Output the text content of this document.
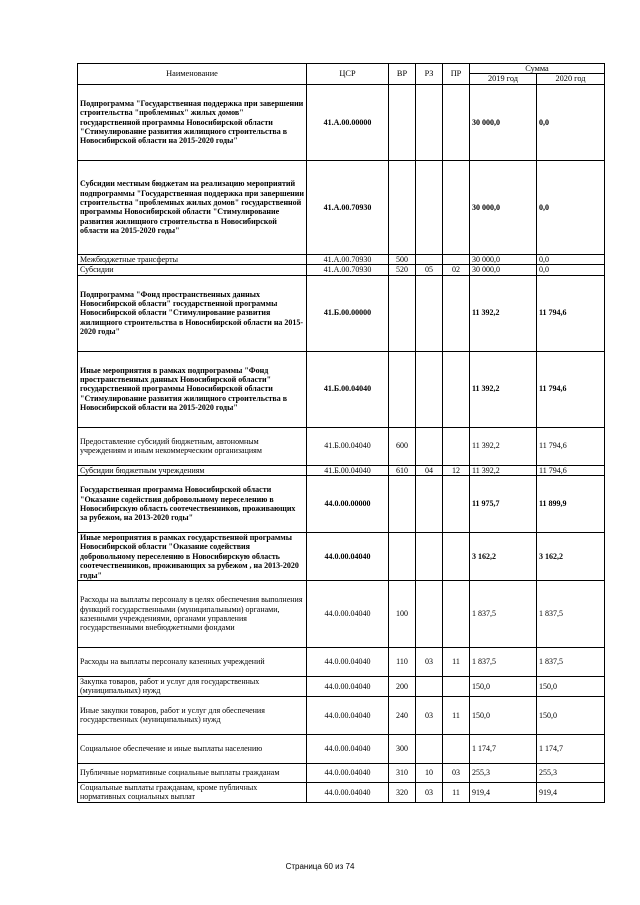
Наименование	ЦСР	ВР	РЗ	ПР	Сумма	
					2019 год	2020 год
Подпрограмма "Государственная поддержка при завершении строительства "проблемных" жилых домов" государственной программы Новосибирской области "Стимулирование развития жилищного строительства в Новосибирской области на 2015-2020 годы"	41.А.00.00000				30 000,0	0,0
Субсидии местным бюджетам на реализацию мероприятий подпрограммы "Государственная поддержка при завершении строительства "проблемных жилых домов" государственной программы Новосибирской области "Стимулирование развития жилищного строительства в Новосибирской области на 2015-2020 годы"	41.А.00.70930				30 000,0	0,0
Межбюджетные трансферты	41.А.00.70930	500			30 000,0	0,0
Субсидии	41.А.00.70930	520	05	02	30 000,0	0,0
Подпрограмма "Фонд пространственных данных Новосибирской области" государственной программы Новосибирской области "Стимулирование развития жилищного строительства в Новосибирской области на 2015-2020 годы"	41.Б.00.00000				11 392,2	11 794,6
Иные мероприятия в рамках подпрограммы "Фонд пространственных данных Новосибирской области" государственной программы Новосибирской области "Стимулирование развития жилищного строительства в Новосибирской области на 2015-2020 годы"	41.Б.00.04040				11 392,2	11 794,6
Предоставление субсидий бюджетным, автономным учреждениям и иным некоммерческим организациям	41.Б.00.04040	600			11 392,2	11 794,6
Субсидии бюджетным учреждениям	41.Б.00.04040	610	04	12	11 392,2	11 794,6
Государственная программа Новосибирской области "Оказание содействия добровольному переселению в Новосибирскую область соотечественников, проживающих за рубежом, на 2013-2020 годы"	44.0.00.00000				11 975,7	11 899,9
Иные мероприятия в рамках государственной программы Новосибирской области "Оказание содействия добровольному переселению в Новосибирскую область соотечественников, проживающих за рубежом , на 2013-2020 годы"	44.0.00.04040				3 162,2	3 162,2
Расходы на выплаты персоналу в целях обеспечения выполнения функций государственными (муниципальными) органами, казенными учреждениями, органами управления государственными внебюджетными фондами	44.0.00.04040	100			1 837,5	1 837,5
Расходы на выплаты персоналу казенных учреждений	44.0.00.04040	110	03	11	1 837,5	1 837,5
Закупка товаров, работ и услуг для государственных (муниципальных) нужд	44.0.00.04040	200			150,0	150,0
Иные закупки товаров, работ и услуг для обеспечения государственных (муниципальных) нужд	44.0.00.04040	240	03	11	150,0	150,0
Социальное обеспечение и иные выплаты населению	44.0.00.04040	300			1 174,7	1 174,7
Публичные нормативные социальные выплаты гражданам	44.0.00.04040	310	10	03	255,3	255,3
Социальные выплаты гражданам, кроме публичных нормативных социальных выплат	44.0.00.04040	320	03	11	919,4	919,4
Страница 60 из 74
